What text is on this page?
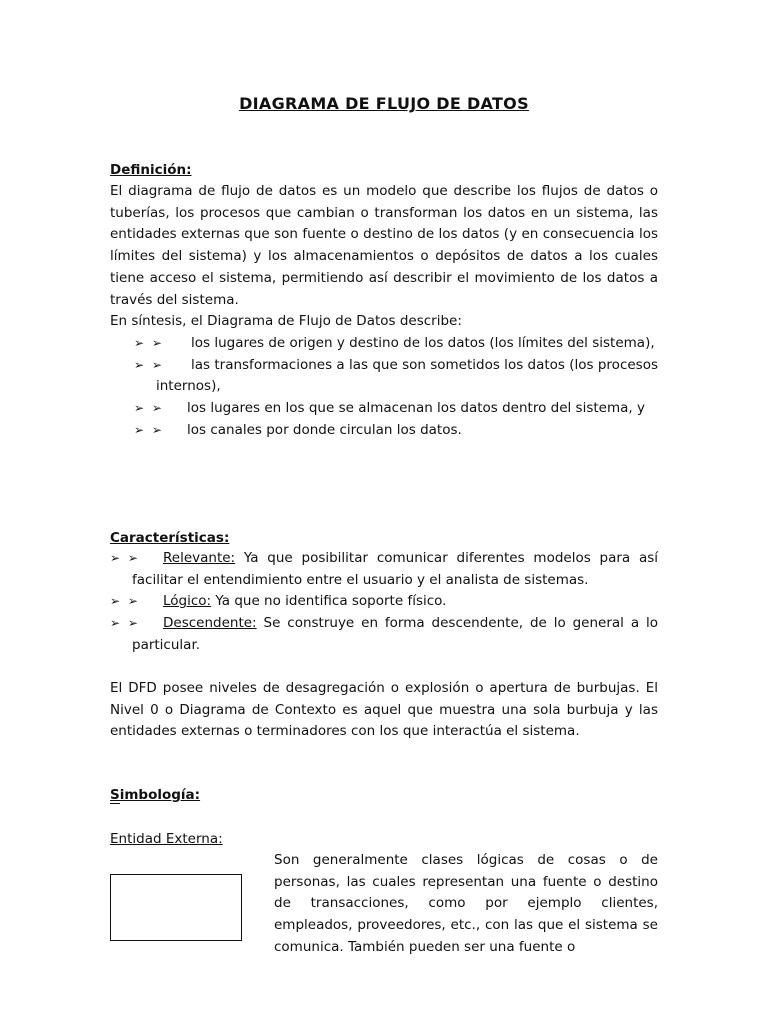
DIAGRAMA DE FLUJO DE DATOS
Definición:

El diagrama de flujo de datos es un modelo que describe los flujos de datos o tuberías, los procesos que cambian o transforman los datos en un sistema, las entidades externas que son fuente o destino de los datos (y en consecuencia los límites del sistema) y los almacenamientos o depósitos de datos a los cuales tiene acceso el sistema, permitiendo así describir el movimiento de los datos a través del sistema.

En síntesis, el Diagrama de Flujo de Datos describe:

➢ ➢ los lugares de origen y destino de los datos (los límites del sistema),
➢ ➢ las transformaciones a las que son sometidos los datos (los procesos internos),
➢ ➢ los lugares en los que se almacenan los datos dentro del sistema, y
➢ ➢ los canales por donde circulan los datos.
Características:
➢ ➢ Relevante: Ya que posibilitar comunicar diferentes modelos para así facilitar el entendimiento entre el usuario y el analista de sistemas.
➢ ➢ Lógico: Ya que no identifica soporte físico.
➢ ➢ Descendente: Se construye en forma descendente, de lo general a lo particular.

El DFD posee niveles de desagregación o explosión o apertura de burbujas. El Nivel 0 o Diagrama de Contexto es aquel que muestra una sola burbuja y las entidades externas o terminadores con los que interactúa el sistema.

Simbología:
Entidad Externa:

Son generalmente clases lógicas de cosas o de personas, las cuales representan una fuente o destino de transacciones, como por ejemplo clientes, empleados, proveedores, etc., con las que el sistema se comunica. También pueden ser una fuente o
